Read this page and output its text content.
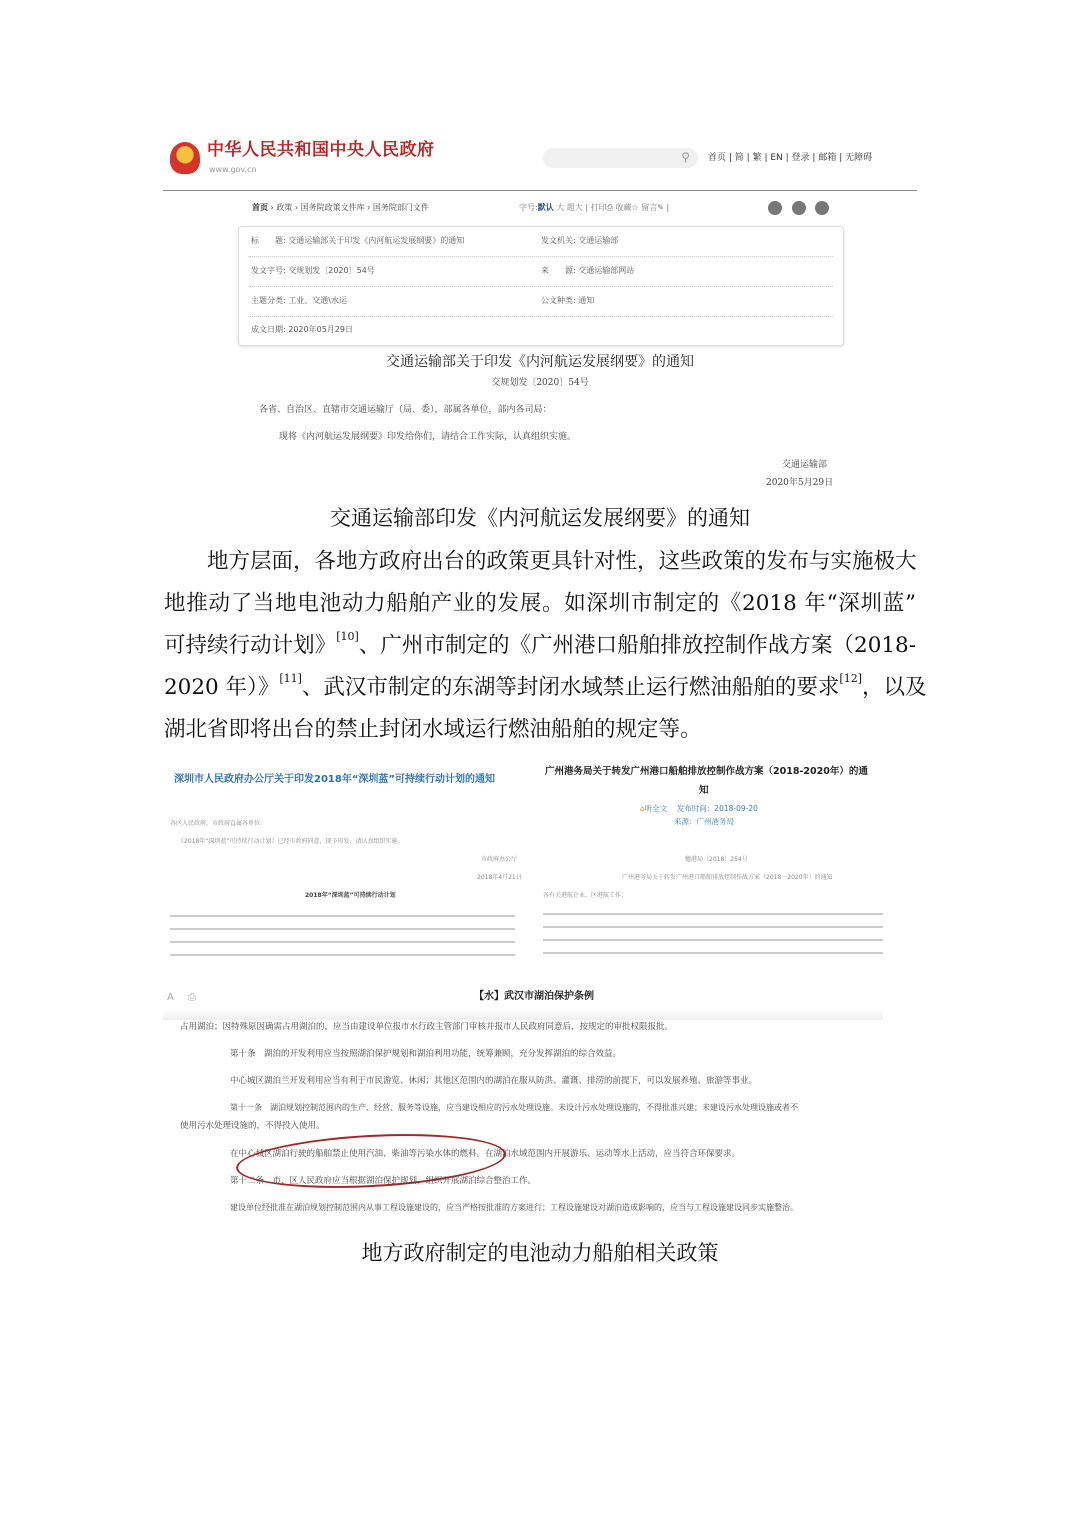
中华人民共和国中央人民政府
www.gov.cn
⚲ 首页 | 简 | 繁 | EN | 登录 | 邮箱 | 无障碍
首页 › 政策 › 国务院政策文件库 › 国务院部门文件	字号:默认 大 超大 | 打印⎙ 收藏☆ 留言✎ |
标　　题: 交通运输部关于印发《内河航运发展纲要》的通知	发文机关: 交通运输部
发文字号: 交规划发〔2020〕54号	来　　源: 交通运输部网站
主题分类: 工业、交通\水运	公文种类: 通知
成文日期: 2020年05月29日
交通运输部关于印发《内河航运发展纲要》的通知
交规划发〔2020〕54号
各省、自治区、直辖市交通运输厅（局、委），部属各单位，部内各司局：
现将《内河航运发展纲要》印发给你们，请结合工作实际，认真组织实施。
交通运输部
2020年5月29日
交通运输部印发《内河航运发展纲要》的通知
　　地方层面，各地方政府出台的政策更具针对性，这些政策的发布与实施极大
地推动了当地电池动力船舶产业的发展。如深圳市制定的《2018 年“深圳蓝”
可持续行动计划》[10]、广州市制定的《广州港口船舶排放控制作战方案（2018-
2020 年）》[11]、武汉市制定的东湖等封闭水域禁止运行燃油船舶的要求[12]，以及
湖北省即将出台的禁止封闭水域运行燃油船舶的规定等。
深圳市人民政府办公厅关于印发2018年“深圳蓝”可持续行动计划的通知
各区人民政府，市政府直属各单位：
《2018年“深圳蓝”可持续行动计划》已经市政府同意，现予印发，请认真组织实施。
市政府办公厅
2018年4月21日
2018年“深圳蓝”可持续行动计划
广州港务局关于转发广州港口船舶排放控制作战方案（2018-2020年）的通
知
⌂听全文 发布时间：2018-09-20
来源：广州港务局
穗港局〔2018〕254号
广州港务局关于转发广州港口船舶排放控制作战方案（2018－2020年）的通知
各有关港航企业、区港航工作：
A ⎙	【水】武汉市湖泊保护条例
占用湖泊；因特殊原因确需占用湖泊的，应当由建设单位报市水行政主管部门审核并报市人民政府同意后，按规定的审批权限报批。
第十条　湖泊的开发利用应当按照湖泊保护规划和湖泊利用功能，统筹兼顾，充分发挥湖泊的综合效益。
中心城区湖泊兰开发利用应当有利于市民游览、休闲；其他区范围内的湖泊在服从防洪、灌溉、排涝的前提下，可以发展养殖、旅游等事业。
第十一条　湖泊规划控制范围内的生产、经营、服务等设施，应当建设相应的污水处理设施。未设计污水处理设施的，不得批准兴建；未建设污水处理设施或者不
使用污水处理设施的，不得投入使用。
在中心城区湖泊行驶的船舶禁止使用汽油、柴油等污染水体的燃料。在湖泊水域范围内开展游乐、运动等水上活动，应当符合环保要求。
第十二条　市、区人民政府应当根据湖泊保护规划，组织开展湖泊综合整治工作。
建设单位经批准在湖泊规划控制范围内从事工程设施建设的，应当严格按批准的方案进行；工程设施建设对湖泊造成影响的，应当与工程设施建设同步实施整治。
地方政府制定的电池动力船舶相关政策
